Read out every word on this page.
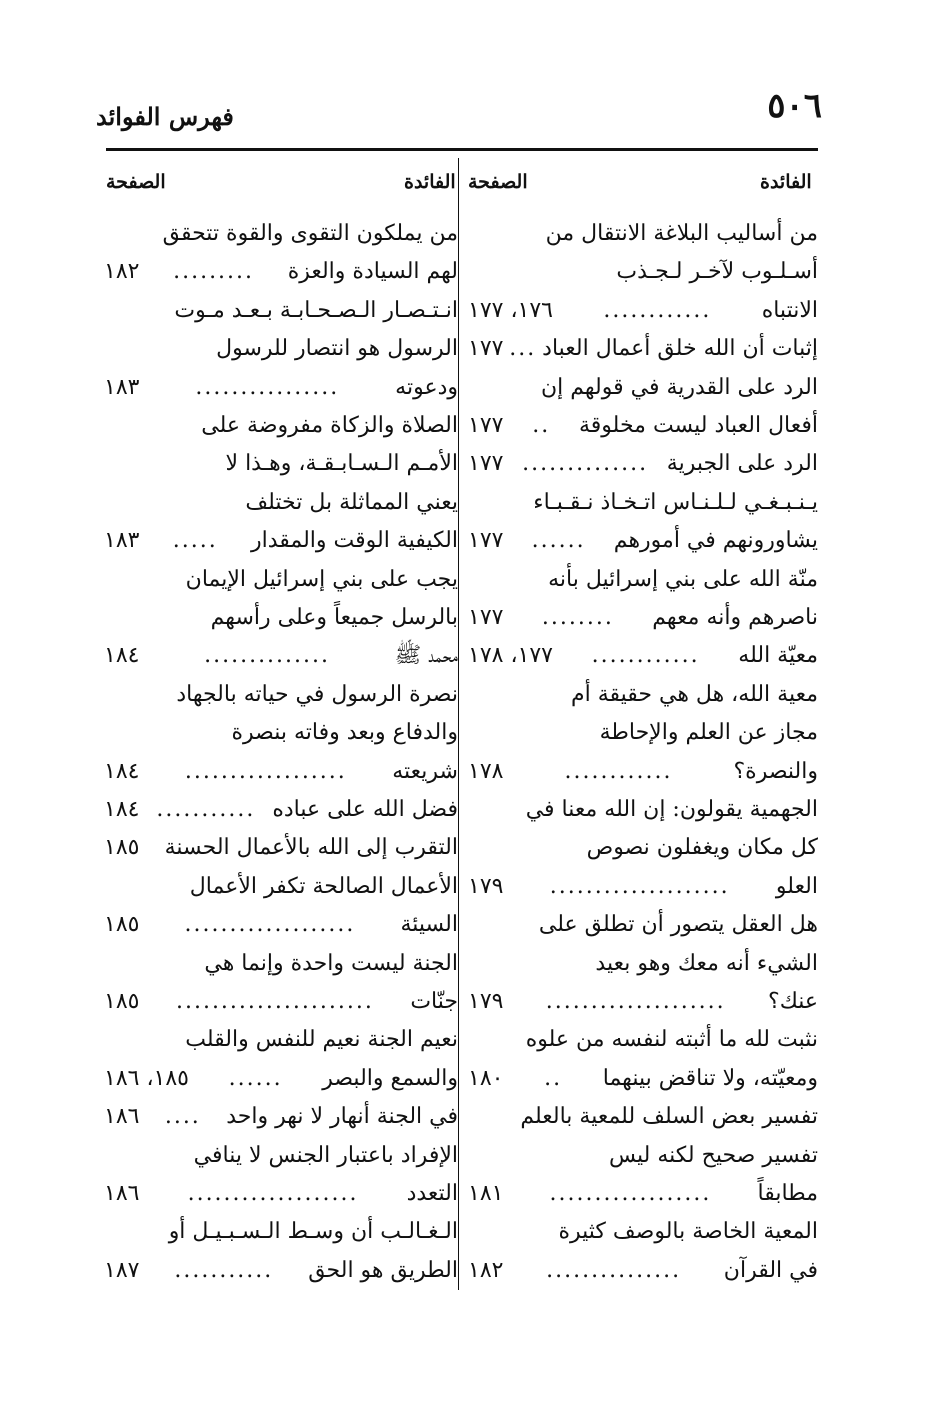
٥٠٦
فهرس الفوائد
الفائدة
الصفحة
الفائدة
الصفحة
من أساليب البلاغة الانتقال من
أسـلـوب لآخـر لـجـذب
الانتباه
............
١٧٦، ١٧٧
إثبات أن الله خلق أعمال العباد
...
١٧٧
الرد على القدرية في قولهم إن
أفعال العباد ليست مخلوقة
..
١٧٧
الرد على الجبرية
..............
١٧٧
يـنـبـغـي لـلـنـاس اتـخـاذ نـقـبـاء
يشاورونهم في أمورهم
......
١٧٧
منّة الله على بني إسرائيل بأنه
ناصرهم وأنه معهم
........
١٧٧
معيّة الله
............
١٧٧، ١٧٨
معية الله، هل هي حقيقة أم
مجاز عن العلم والإحاطة
والنصرة؟
............
١٧٨
الجهمية يقولون: إن الله معنا في
كل مكان ويغفلون نصوص
العلو
....................
١٧٩
هل العقل يتصور أن تطلق على
الشيء أنه معك وهو بعيد
عنك؟
....................
١٧٩
نثبت لله ما أثبته لنفسه من علوه
ومعيّته، ولا تناقض بينهما
..
١٨٠
تفسير بعض السلف للمعية بالعلم
تفسير صحيح لكنه ليس
مطابقاً
..................
١٨١
المعية الخاصة بالوصف كثيرة
في القرآن
...............
١٨٢
من يملكون التقوى والقوة تتحقق
لهم السيادة والعزة
.........
١٨٢
انـتـصـار الـصـحـابـة بـعـد مـوت
الرسول هو انتصار للرسول
ودعوته
................
١٨٣
الصلاة والزكاة مفروضة على
الأمـم الـسـابـقـة، وهـذا لا
يعني المماثلة بل تختلف
الكيفية الوقت والمقدار
.....
١٨٣
يجب على بني إسرائيل الإيمان
بالرسل جميعاً وعلى رأسهم
محمد ﷺ
..............
١٨٤
نصرة الرسول في حياته بالجهاد
والدفاع وبعد وفاته بنصرة
شريعته
..................
١٨٤
فضل الله على عباده
...........
١٨٤
التقرب إلى الله بالأعمال الحسنة
١٨٥
الأعمال الصالحة تكفر الأعمال
السيئة
...................
١٨٥
الجنة ليست واحدة وإنما هي
جنّات
......................
١٨٥
نعيم الجنة نعيم للنفس والقلب
والسمع والبصر
......
١٨٥، ١٨٦
في الجنة أنهار لا نهر واحد
....
١٨٦
الإفراد باعتبار الجنس لا ينافي
التعدد
...................
١٨٦
الـغـالـب أن وسـط الـسـبـيـل أو
الطريق هو الحق
...........
١٨٧
